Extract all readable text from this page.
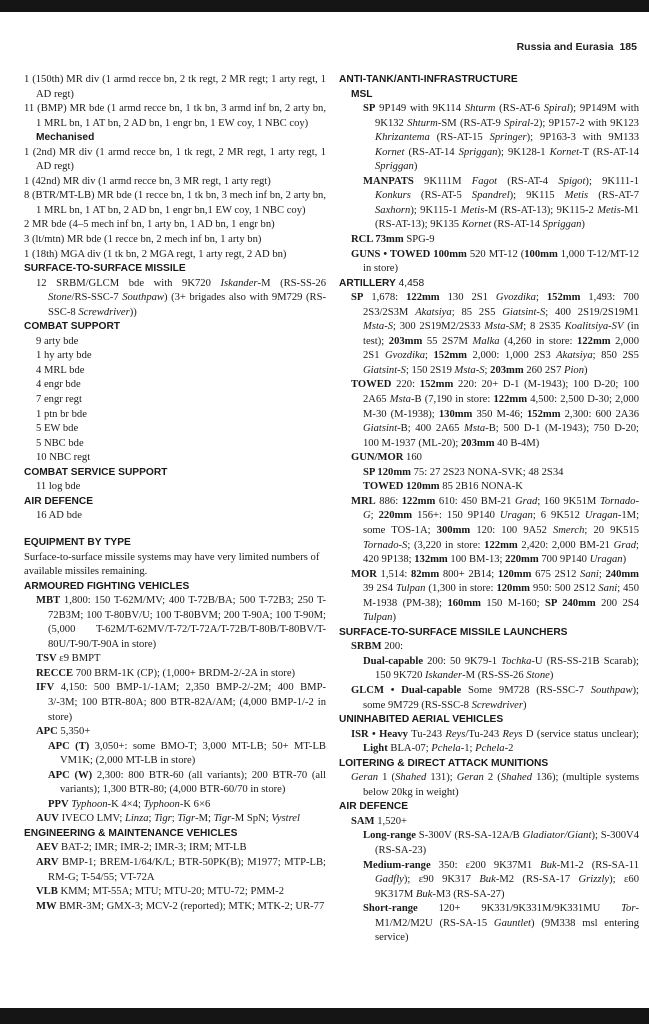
Russia and Eurasia 185

1 (150th) MR div (1 armd recce bn, 2 tk regt, 2 MR regt; 1 arty regt, 1 AD regt)

11 (BMP) MR bde (1 armd recce bn, 1 tk bn, 3 armd inf bn, 2 arty bn, 1 MRL bn, 1 AT bn, 2 AD bn, 1 engr bn, 1 EW coy, 1 NBC coy)

Mechanised

1 (2nd) MR div (1 armd recce bn, 1 tk regt, 2 MR regt, 1 arty regt, 1 AD regt)

1 (42nd) MR div (1 armd recce bn, 3 MR regt, 1 arty regt)

8 (BTR/MT-LB) MR bde (1 recce bn, 1 tk bn, 3 mech inf bn, 2 arty bn, 1 MRL bn, 1 AT bn, 2 AD bn, 1 engr bn,1 EW coy, 1 NBC coy)

2 MR bde (4–5 mech inf bn, 1 arty bn, 1 AD bn, 1 engr bn)

3 (lt/mtn) MR bde (1 recce bn, 2 mech inf bn, 1 arty bn)

1 (18th) MGA div (1 tk bn, 2 MGA regt, 1 arty regt, 2 AD bn)

SURFACE-TO-SURFACE MISSILE

12 SRBM/GLCM bde with 9K720 Iskander-M (RS-SS-26 Stone/RS-SSC-7 Southpaw) (3+ brigades also with 9M729 (RS-SSC-8 Screwdriver))

COMBAT SUPPORT

9 arty bde

1 hy arty bde

4 MRL bde

4 engr bde

7 engr regt

1 ptn br bde

5 EW bde

5 NBC bde

10 NBC regt

COMBAT SERVICE SUPPORT

11 log bde

AIR DEFENCE

16 AD bde

EQUIPMENT BY TYPE

Surface-to-surface missile systems may have very limited numbers of available missiles remaining.

ARMOURED FIGHTING VEHICLES

MBT 1,800: 150 T-62M/MV; 400 T-72B/BA; 500 T-72B3; 250 T-72B3M; 100 T-80BV/U; 100 T-80BVM; 200 T-90A; 100 T-90M; (5,000 T-62M/T-62MV/T-72/T-72A/T-72B/T-80B/T-80BV/T-80U/T-90/T-90A in store)

TSV ε9 BMPT

RECCE 700 BRM-1K (CP); (1,000+ BRDM-2/-2A in store)

IFV 4,150: 500 BMP-1/-1AM; 2,350 BMP-2/-2M; 400 BMP-3/-3M; 100 BTR-80A; 800 BTR-82A/AM; (4,000 BMP-1/-2 in store)

APC 5,350+

APC (T) 3,050+: some BMO-T; 3,000 MT-LB; 50+ MT-LB VM1K; (2,000 MT-LB in store)

APC (W) 2,300: 800 BTR-60 (all variants); 200 BTR-70 (all variants); 1,300 BTR-80; (4,000 BTR-60/70 in store)

PPV Typhoon-K 4×4; Typhoon-K 6×6

AUV IVECO LMV; Linza; Tigr; Tigr-M; Tigr-M SpN; Vystrel

ENGINEERING & MAINTENANCE VEHICLES

AEV BAT-2; IMR; IMR-2; IMR-3; IRM; MT-LB

ARV BMP-1; BREM-1/64/K/L; BTR-50PK(B); M1977; MTP-LB; RM-G; T-54/55; VT-72A

VLB KMM; MT-55A; MTU; MTU-20; MTU-72; PMM-2

MW BMR-3M; GMX-3; MCV-2 (reported); MTK; MTK-2; UR-77

ANTI-TANK/ANTI-INFRASTRUCTURE

MSL

SP 9P149 with 9K114 Shturm (RS-AT-6 Spiral); 9P149M with 9K132 Shturm-SM (RS-AT-9 Spiral-2); 9P157-2 with 9K123 Khrizantema (RS-AT-15 Springer); 9P163-3 with 9M133 Kornet (RS-AT-14 Spriggan); 9K128-1 Kornet-T (RS-AT-14 Spriggan)

MANPATS 9K111M Fagot (RS-AT-4 Spigot); 9K111-1 Konkurs (RS-AT-5 Spandrel); 9K115 Metis (RS-AT-7 Saxhorn); 9K115-1 Metis-M (RS-AT-13); 9K115-2 Metis-M1 (RS-AT-13); 9K135 Kornet (RS-AT-14 Spriggan)

RCL 73mm SPG-9

GUNS • TOWED 100mm 520 MT-12 (100mm 1,000 T-12/MT-12 in store)

ARTILLERY 4,458

SP 1,678: 122mm 130 2S1 Gvozdika; 152mm 1,493: 700 2S3/2S3M Akatsiya; 85 2S5 Giatsint-S; 400 2S19/2S19M1 Msta-S; 300 2S19M2/2S33 Msta-SM; 8 2S35 Koalitsiya-SV (in test); 203mm 55 2S7M Malka (4,260 in store: 122mm 2,000 2S1 Gvozdika; 152mm 2,000: 1,000 2S3 Akatsiya; 850 2S5 Giatsint-S; 150 2S19 Msta-S; 203mm 260 2S7 Pion)

TOWED 220: 152mm 220: 20+ D-1 (M-1943); 100 D-20; 100 2A65 Msta-B (7,190 in store: 122mm 4,500: 2,500 D-30; 2,000 M-30 (M-1938); 130mm 350 M-46; 152mm 2,300: 600 2A36 Giatsint-B; 400 2A65 Msta-B; 500 D-1 (M-1943); 750 D-20; 100 M-1937 (ML-20); 203mm 40 B-4M)

GUN/MOR 160

SP 120mm 75: 27 2S23 NONA-SVK; 48 2S34

TOWED 120mm 85 2B16 NONA-K

MRL 886: 122mm 610: 450 BM-21 Grad; 160 9K51M Tornado-G; 220mm 156+: 150 9P140 Uragan; 6 9K512 Uragan-1M; some TOS-1A; 300mm 120: 100 9A52 Smerch; 20 9K515 Tornado-S; (3,220 in store: 122mm 2,420: 2,000 BM-21 Grad; 420 9P138; 132mm 100 BM-13; 220mm 700 9P140 Uragan)

MOR 1,514: 82mm 800+ 2B14; 120mm 675 2S12 Sani; 240mm 39 2S4 Tulpan (1,300 in store: 120mm 950: 500 2S12 Sani; 450 M-1938 (PM-38); 160mm 150 M-160; SP 240mm 200 2S4 Tulpan)

SURFACE-TO-SURFACE MISSILE LAUNCHERS

SRBM 200:

Dual-capable 200: 50 9K79-1 Tochka-U (RS-SS-21B Scarab); 150 9K720 Iskander-M (RS-SS-26 Stone)

GLCM • Dual-capable Some 9M728 (RS-SSC-7 Southpaw); some 9M729 (RS-SSC-8 Screwdriver)

UNINHABITED AERIAL VEHICLES

ISR • Heavy Tu-243 Reys/Tu-243 Reys D (service status unclear); Light BLA-07; Pchela-1; Pchela-2

LOITERING & DIRECT ATTACK MUNITIONS

Geran 1 (Shahed 131); Geran 2 (Shahed 136); (multiple systems below 20kg in weight)

AIR DEFENCE

SAM 1,520+

Long-range S-300V (RS-SA-12A/B Gladiator/Giant); S-300V4 (RS-SA-23)

Medium-range 350: ε200 9K37M1 Buk-M1-2 (RS-SA-11 Gadfly); ε90 9K317 Buk-M2 (RS-SA-17 Grizzly); ε60 9K317M Buk-M3 (RS-SA-27)

Short-range 120+ 9K331/9K331M/9K331MU Tor-M1/M2/M2U (RS-SA-15 Gauntlet) (9M338 msl entering service)
